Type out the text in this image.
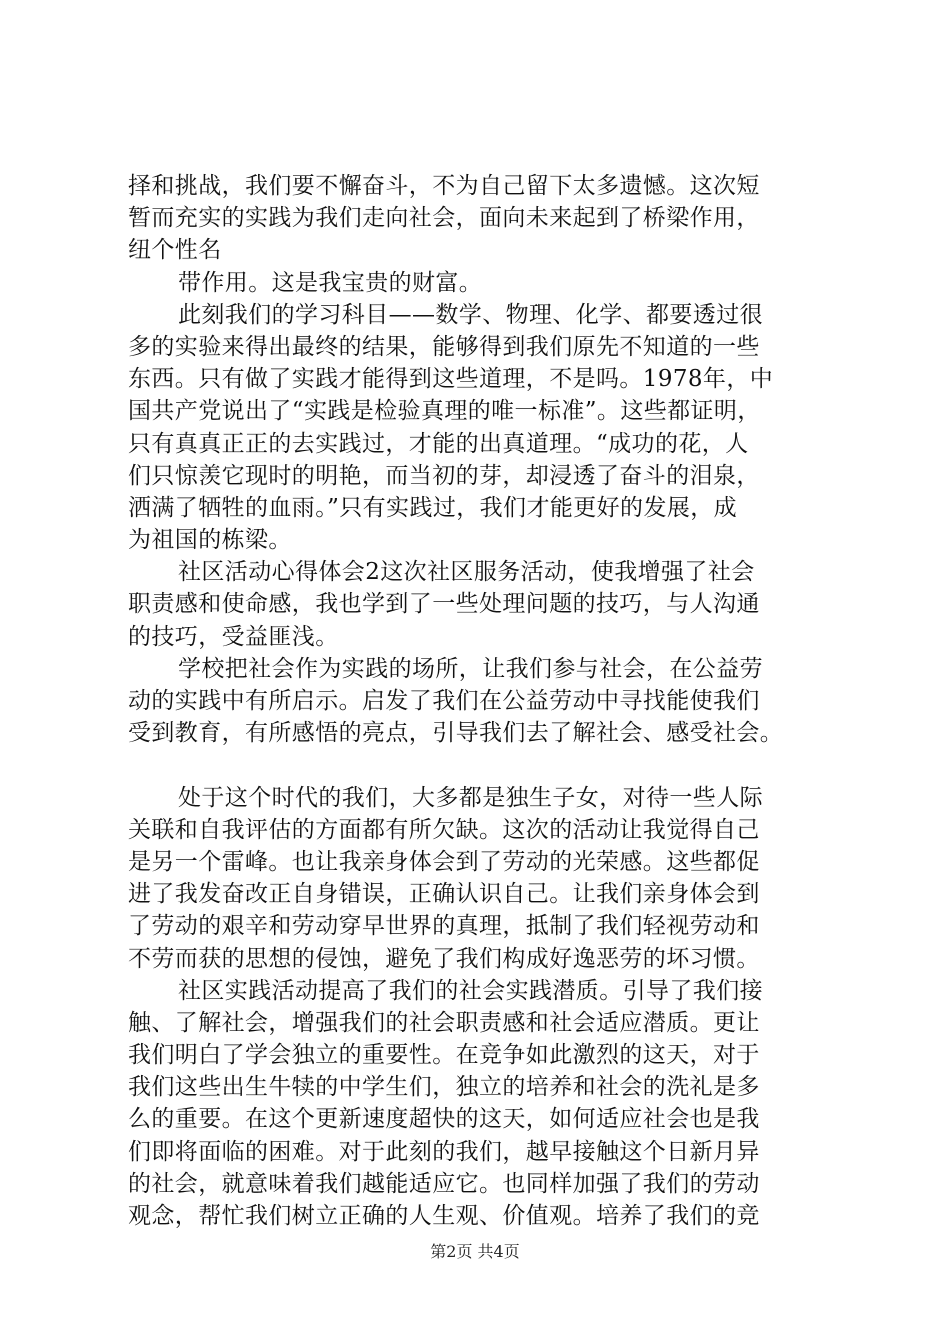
择和挑战，我们要不懈奋斗，不为自己留下太多遗憾。这次短
暂而充实的实践为我们走向社会，面向未来起到了桥梁作用，
纽个性名
带作用。这是我宝贵的财富。
此刻我们的学习科目——数学、物理、化学、都要透过很
多的实验来得出最终的结果，能够得到我们原先不知道的一些
东西。只有做了实践才能得到这些道理，不是吗。1978年，中
国共产党说出了“实践是检验真理的唯一标准”。这些都证明，
只有真真正正的去实践过，才能的出真道理。“成功的花，人
们只惊羡它现时的明艳，而当初的芽，却浸透了奋斗的泪泉，
洒满了牺牲的血雨。”只有实践过，我们才能更好的发展，成
为祖国的栋梁。
社区活动心得体会2这次社区服务活动，使我增强了社会
职责感和使命感，我也学到了一些处理问题的技巧，与人沟通
的技巧，受益匪浅。
学校把社会作为实践的场所，让我们参与社会，在公益劳
动的实践中有所启示。启发了我们在公益劳动中寻找能使我们
受到教育，有所感悟的亮点，引导我们去了解社会、感受社会。
处于这个时代的我们，大多都是独生子女，对待一些人际
关联和自我评估的方面都有所欠缺。这次的活动让我觉得自己
是另一个雷峰。也让我亲身体会到了劳动的光荣感。这些都促
进了我发奋改正自身错误，正确认识自己。让我们亲身体会到
了劳动的艰辛和劳动穿早世界的真理，抵制了我们轻视劳动和
不劳而获的思想的侵蚀，避免了我们构成好逸恶劳的坏习惯。
社区实践活动提高了我们的社会实践潜质。引导了我们接
触、了解社会，增强我们的社会职责感和社会适应潜质。更让
我们明白了学会独立的重要性。在竞争如此激烈的这天，对于
我们这些出生牛犊的中学生们，独立的培养和社会的洗礼是多
么的重要。在这个更新速度超快的这天，如何适应社会也是我
们即将面临的困难。对于此刻的我们，越早接触这个日新月异
的社会，就意味着我们越能适应它。也同样加强了我们的劳动
观念，帮忙我们树立正确的人生观、价值观。培养了我们的竞
第2页 共4页
